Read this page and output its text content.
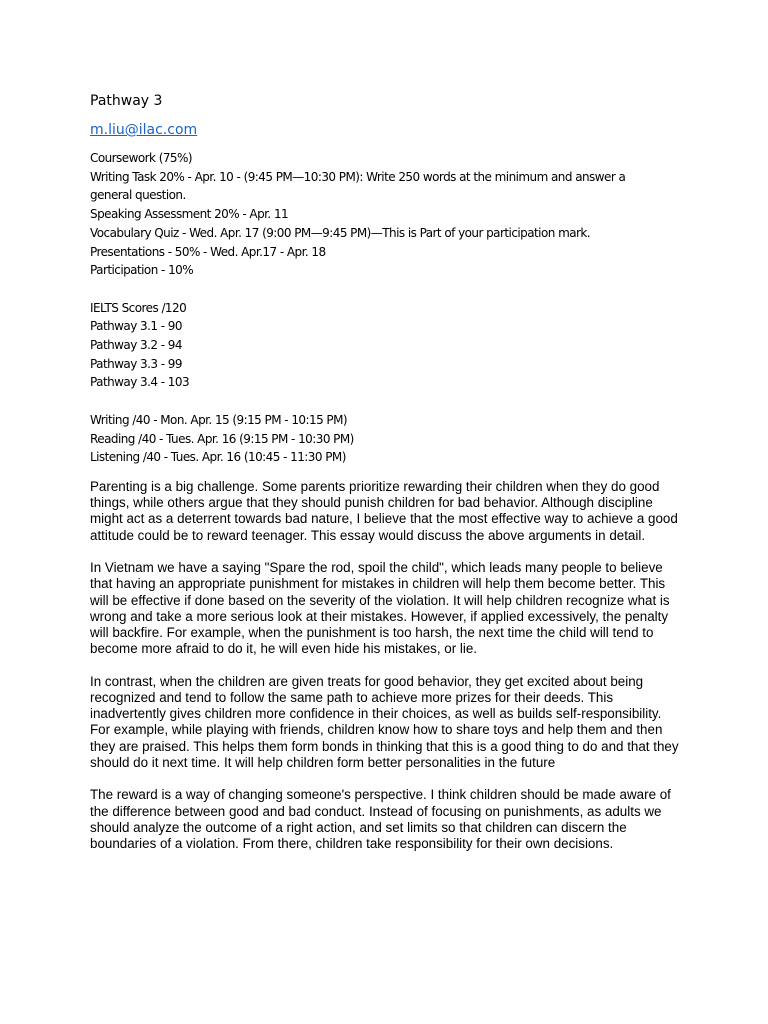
Pathway 3
m.liu@ilac.com
Coursework (75%)
Writing Task 20% - Apr. 10 - (9:45 PM—10:30 PM): Write 250 words at the minimum and answer a general question.
Speaking Assessment 20% - Apr. 11
Vocabulary Quiz - Wed. Apr. 17 (9:00 PM—9:45 PM)—This is Part of your participation mark.
Presentations - 50% - Wed. Apr.17 - Apr. 18
Participation - 10%
IELTS Scores /120
Pathway 3.1 - 90
Pathway 3.2 - 94
Pathway 3.3 - 99
Pathway 3.4 - 103
Writing /40 - Mon. Apr. 15 (9:15 PM - 10:15 PM)
Reading /40 - Tues. Apr. 16 (9:15 PM - 10:30 PM)
Listening /40 - Tues. Apr. 16 (10:45 - 11:30 PM)

Parenting is a big challenge. Some parents prioritize rewarding their children when they do good things, while others argue that they should punish children for bad behavior. Although discipline might act as a deterrent towards bad nature, I believe that the most effective way to achieve a good attitude could be to reward teenager. This essay would discuss the above arguments in detail.

In Vietnam we have a saying "Spare the rod, spoil the child", which leads many people to believe that having an appropriate punishment for mistakes in children will help them become better. This will be effective if done based on the severity of the violation. It will help children recognize what is wrong and take a more serious look at their mistakes. However, if applied excessively, the penalty will backfire. For example, when the punishment is too harsh, the next time the child will tend to become more afraid to do it, he will even hide his mistakes, or lie.

In contrast, when the children are given treats for good behavior, they get excited about being recognized and tend to follow the same path to achieve more prizes for their deeds. This inadvertently gives children more confidence in their choices, as well as builds self-responsibility. For example, while playing with friends, children know how to share toys and help them and then they are praised. This helps them form bonds in thinking that this is a good thing to do and that they should do it next time. It will help children form better personalities in the future

The reward is a way of changing someone's perspective. I think children should be made aware of the difference between good and bad conduct. Instead of focusing on punishments, as adults we should analyze the outcome of a right action, and set limits so that children can discern the boundaries of a violation. From there, children take responsibility for their own decisions.
